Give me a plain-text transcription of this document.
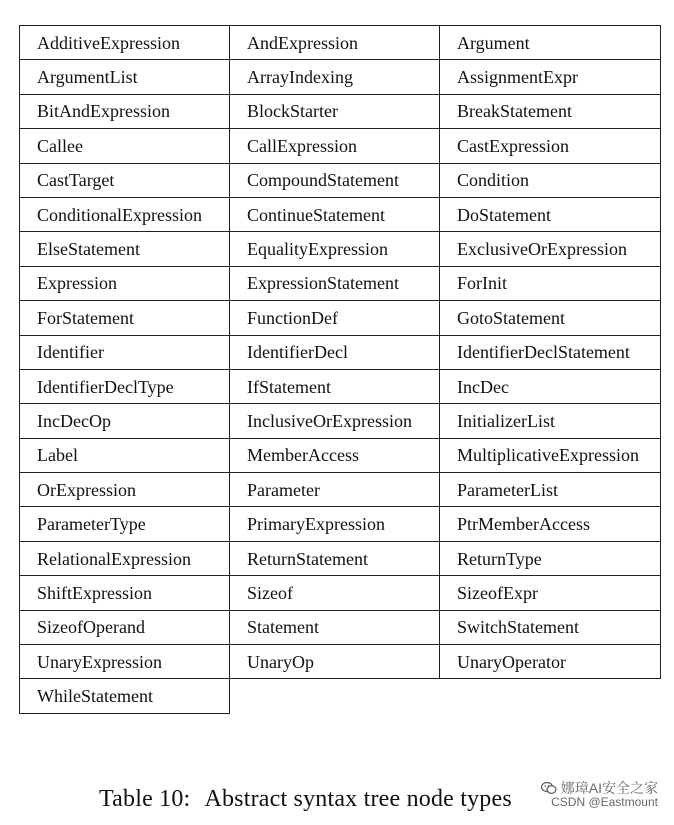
AdditiveExpression	AndExpression	Argument
ArgumentList	ArrayIndexing	AssignmentExpr
BitAndExpression	BlockStarter	BreakStatement
Callee	CallExpression	CastExpression
CastTarget	CompoundStatement	Condition
ConditionalExpression	ContinueStatement	DoStatement
ElseStatement	EqualityExpression	ExclusiveOrExpression
Expression	ExpressionStatement	ForInit
ForStatement	FunctionDef	GotoStatement
Identifier	IdentifierDecl	IdentifierDeclStatement
IdentifierDeclType	IfStatement	IncDec
IncDecOp	InclusiveOrExpression	InitializerList
Label	MemberAccess	MultiplicativeExpression
OrExpression	Parameter	ParameterList
ParameterType	PrimaryExpression	PtrMemberAccess
RelationalExpression	ReturnStatement	ReturnType
ShiftExpression	Sizeof	SizeofExpr
SizeofOperand	Statement	SwitchStatement
UnaryExpression	UnaryOp	UnaryOperator
WhileStatement		
Table 10: Abstract syntax tree node types	娜璋AI安全之家
CSDN @Eastmount
